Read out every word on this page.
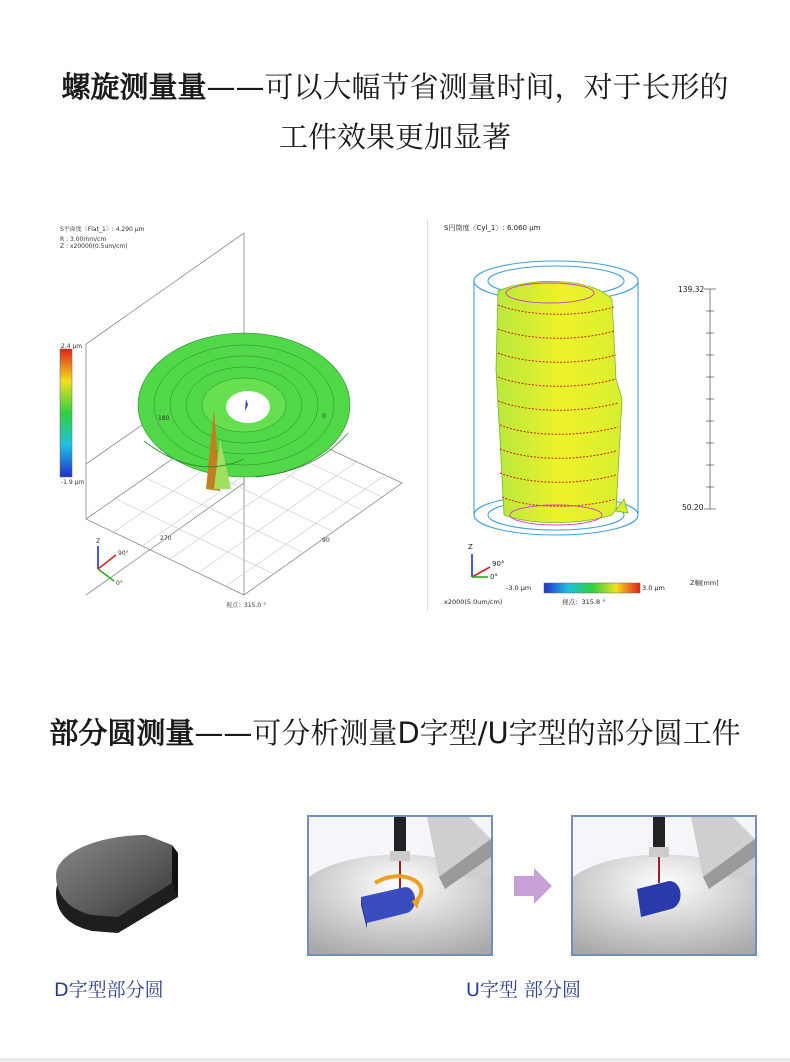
螺旋测量量——可以大幅节省测量时间，对于长形的
工件效果更加显著
S平面度〈Flat_1〉: 4.290 μm
R : 3.00mm/cm
Z : x20000(0.5um/cm)
2.4 μm
-1.9 μm
180	0
270	90
Z
90°
0°
视点：315.0 °
S円筒度〈Cyl_1〉: 6.060 μm
139.32
50.20
Z
90°
0°
-3.0 μm	3.0 μm
Z軸[mm]
x2000(5.0um/cm)	视点：315.8 °
部分圆测量——可分析测量D字型/U字型的部分圆工件
D字型部分圆	U字型 部分圆
